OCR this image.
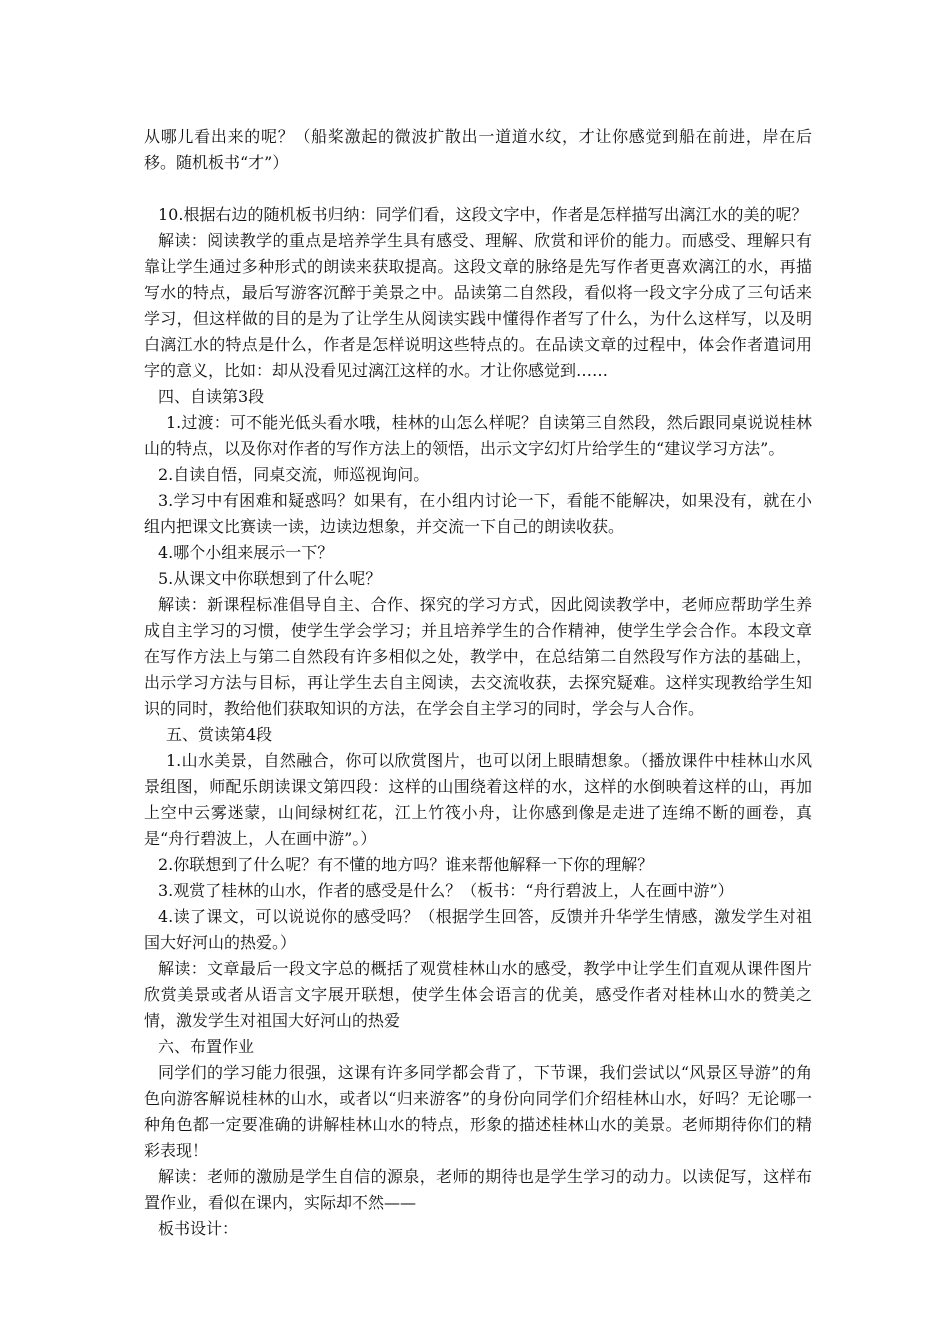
从哪儿看出来的呢？（船桨激起的微波扩散出一道道水纹，才让你感觉到船在前进，岸在后移。随机板书“才”）

10.根据右边的随机板书归纳：同学们看，这段文字中，作者是怎样描写出漓江水的美的呢？

解读：阅读教学的重点是培养学生具有感受、理解、欣赏和评价的能力。而感受、理解只有靠让学生通过多种形式的朗读来获取提高。这段文章的脉络是先写作者更喜欢漓江的水，再描写水的特点，最后写游客沉醉于美景之中。品读第二自然段，看似将一段文字分成了三句话来学习，但这样做的目的是为了让学生从阅读实践中懂得作者写了什么，为什么这样写，以及明白漓江水的特点是什么，作者是怎样说明这些特点的。在品读文章的过程中，体会作者遣词用字的意义，比如：却从没看见过漓江这样的水。才让你感觉到……

四、自读第3段

1.过渡：可不能光低头看水哦，桂林的山怎么样呢？自读第三自然段，然后跟同桌说说桂林山的特点，以及你对作者的写作方法上的领悟，出示文字幻灯片给学生的“建议学习方法”。

2.自读自悟，同桌交流，师巡视询问。

3.学习中有困难和疑惑吗？如果有，在小组内讨论一下，看能不能解决，如果没有，就在小组内把课文比赛读一读，边读边想象，并交流一下自己的朗读收获。

4.哪个小组来展示一下？

5.从课文中你联想到了什么呢？

解读：新课程标准倡导自主、合作、探究的学习方式，因此阅读教学中，老师应帮助学生养成自主学习的习惯，使学生学会学习；并且培养学生的合作精神，使学生学会合作。本段文章在写作方法上与第二自然段有许多相似之处，教学中，在总结第二自然段写作方法的基础上，出示学习方法与目标，再让学生去自主阅读，去交流收获，去探究疑难。这样实现教给学生知识的同时，教给他们获取知识的方法，在学会自主学习的同时，学会与人合作。

五、赏读第4段

1.山水美景，自然融合，你可以欣赏图片，也可以闭上眼睛想象。（播放课件中桂林山水风景组图，师配乐朗读课文第四段：这样的山围绕着这样的水，这样的水倒映着这样的山，再加上空中云雾迷蒙，山间绿树红花，江上竹筏小舟，让你感到像是走进了连绵不断的画卷，真是“舟行碧波上，人在画中游”。）

2.你联想到了什么呢？有不懂的地方吗？谁来帮他解释一下你的理解？

3.观赏了桂林的山水，作者的感受是什么？（板书：“舟行碧波上，人在画中游”）

4.读了课文，可以说说你的感受吗？（根据学生回答，反馈并升华学生情感，激发学生对祖国大好河山的热爱。）

解读：文章最后一段文字总的概括了观赏桂林山水的感受，教学中让学生们直观从课件图片欣赏美景或者从语言文字展开联想，使学生体会语言的优美，感受作者对桂林山水的赞美之情，激发学生对祖国大好河山的热爱

六、布置作业

同学们的学习能力很强，这课有许多同学都会背了，下节课，我们尝试以“风景区导游”的角色向游客解说桂林的山水，或者以“归来游客”的身份向同学们介绍桂林山水，好吗？无论哪一种角色都一定要准确的讲解桂林山水的特点，形象的描述桂林山水的美景。老师期待你们的精彩表现！

解读：老师的激励是学生自信的源泉，老师的期待也是学生学习的动力。以读促写，这样布置作业，看似在课内，实际却不然——

板书设计：
